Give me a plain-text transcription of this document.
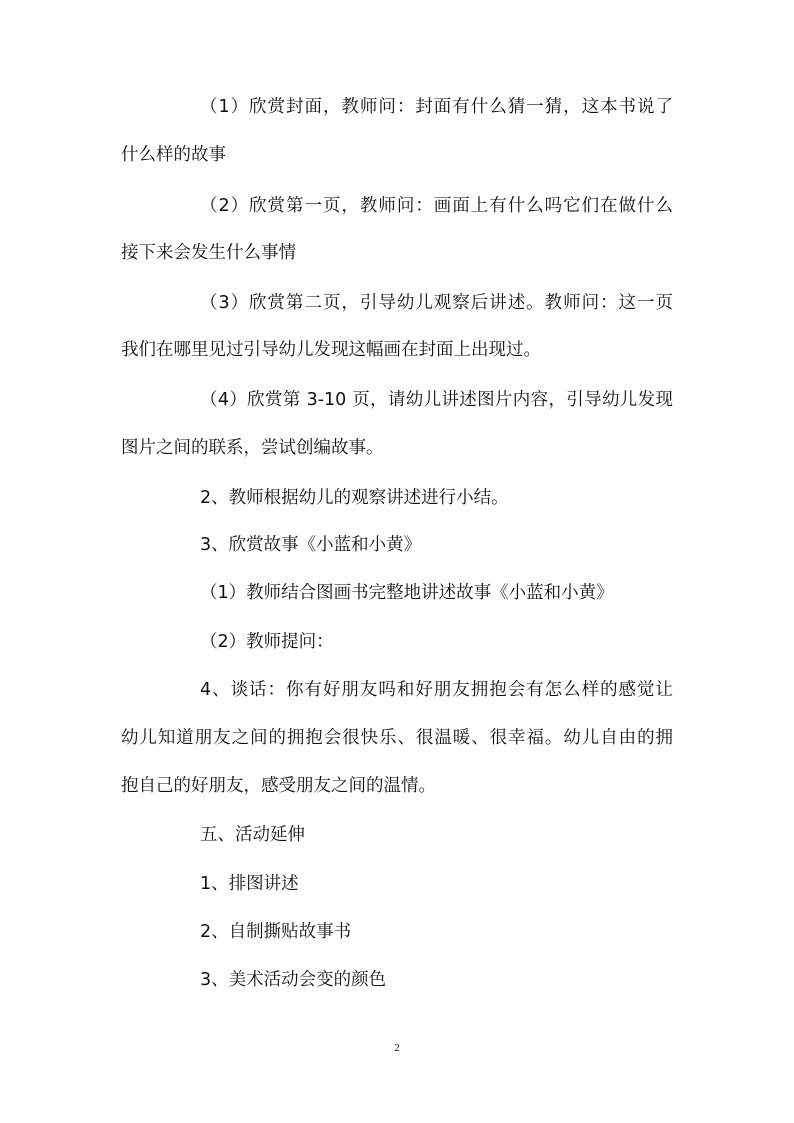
（1）欣赏封面，教师问：封面有什么猜一猜，这本书说了
什么样的故事
（2）欣赏第一页，教师问：画面上有什么吗它们在做什么
接下来会发生什么事情
（3）欣赏第二页，引导幼儿观察后讲述。教师问：这一页
我们在哪里见过引导幼儿发现这幅画在封面上出现过。
（4）欣赏第 3-10 页，请幼儿讲述图片内容，引导幼儿发现
图片之间的联系，尝试创编故事。
2、教师根据幼儿的观察讲述进行小结。
3、欣赏故事《小蓝和小黄》
（1）教师结合图画书完整地讲述故事《小蓝和小黄》
（2）教师提问：
4、谈话：你有好朋友吗和好朋友拥抱会有怎么样的感觉让
幼儿知道朋友之间的拥抱会很快乐、很温暖、很幸福。幼儿自由的拥
抱自己的好朋友，感受朋友之间的温情。
五、活动延伸
1、排图讲述
2、自制撕贴故事书
3、美术活动会变的颜色
2
